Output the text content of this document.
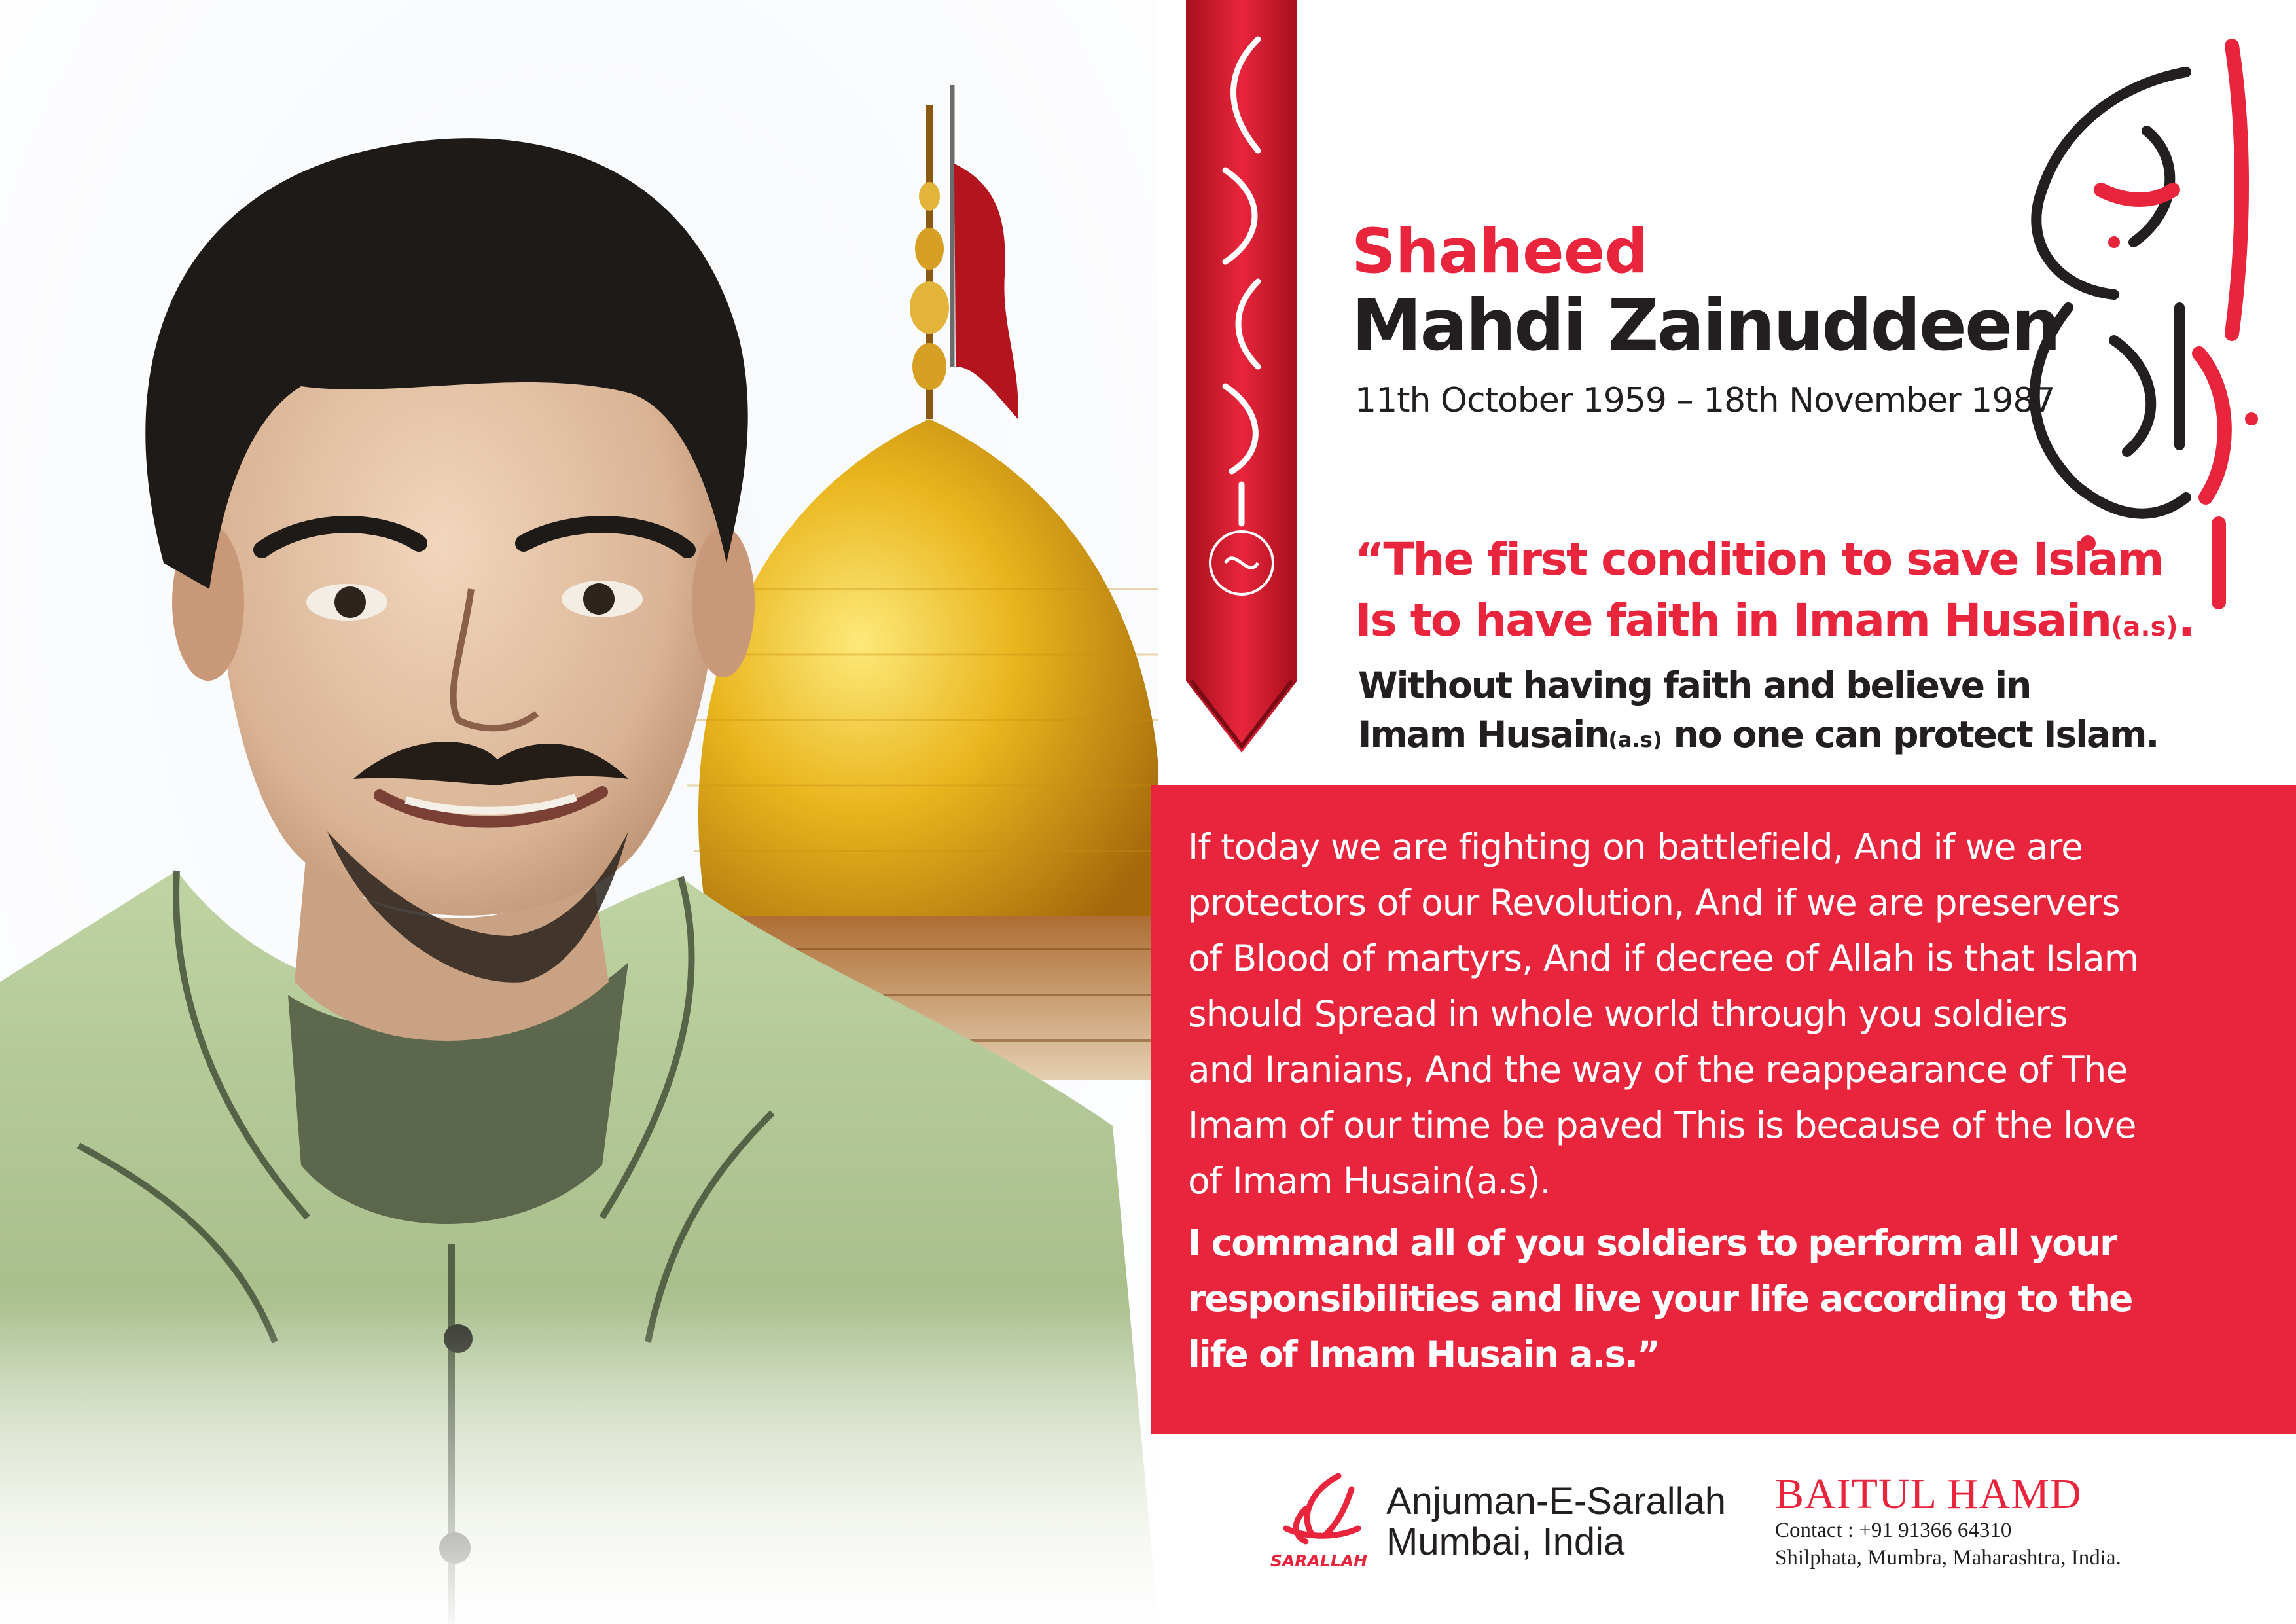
Shaheed
Mahdi Zainuddeen
11th October 1959 – 18th November 1987
“The first condition to save Islam
Is to have faith in Imam Husain(a.s).
Without having faith and believe in
Imam Husain(a.s) no one can protect Islam.
If today we are fighting on battlefield, And if we are
protectors of our Revolution, And if we are preservers
of Blood of martyrs, And if decree of Allah is that Islam
should Spread in whole world through you soldiers
and Iranians, And the way of the reappearance of The
Imam of our time be paved This is because of the love
of Imam Husain(a.s).
I command all of you soldiers to perform all your
responsibilities and live your life according to the
life of Imam Husain a.s.”
SARALLAH
Anjuman-E-Sarallah
Mumbai, India
BAITUL HAMD
Contact : +91 91366 64310
Shilphata, Mumbra, Maharashtra, India.
